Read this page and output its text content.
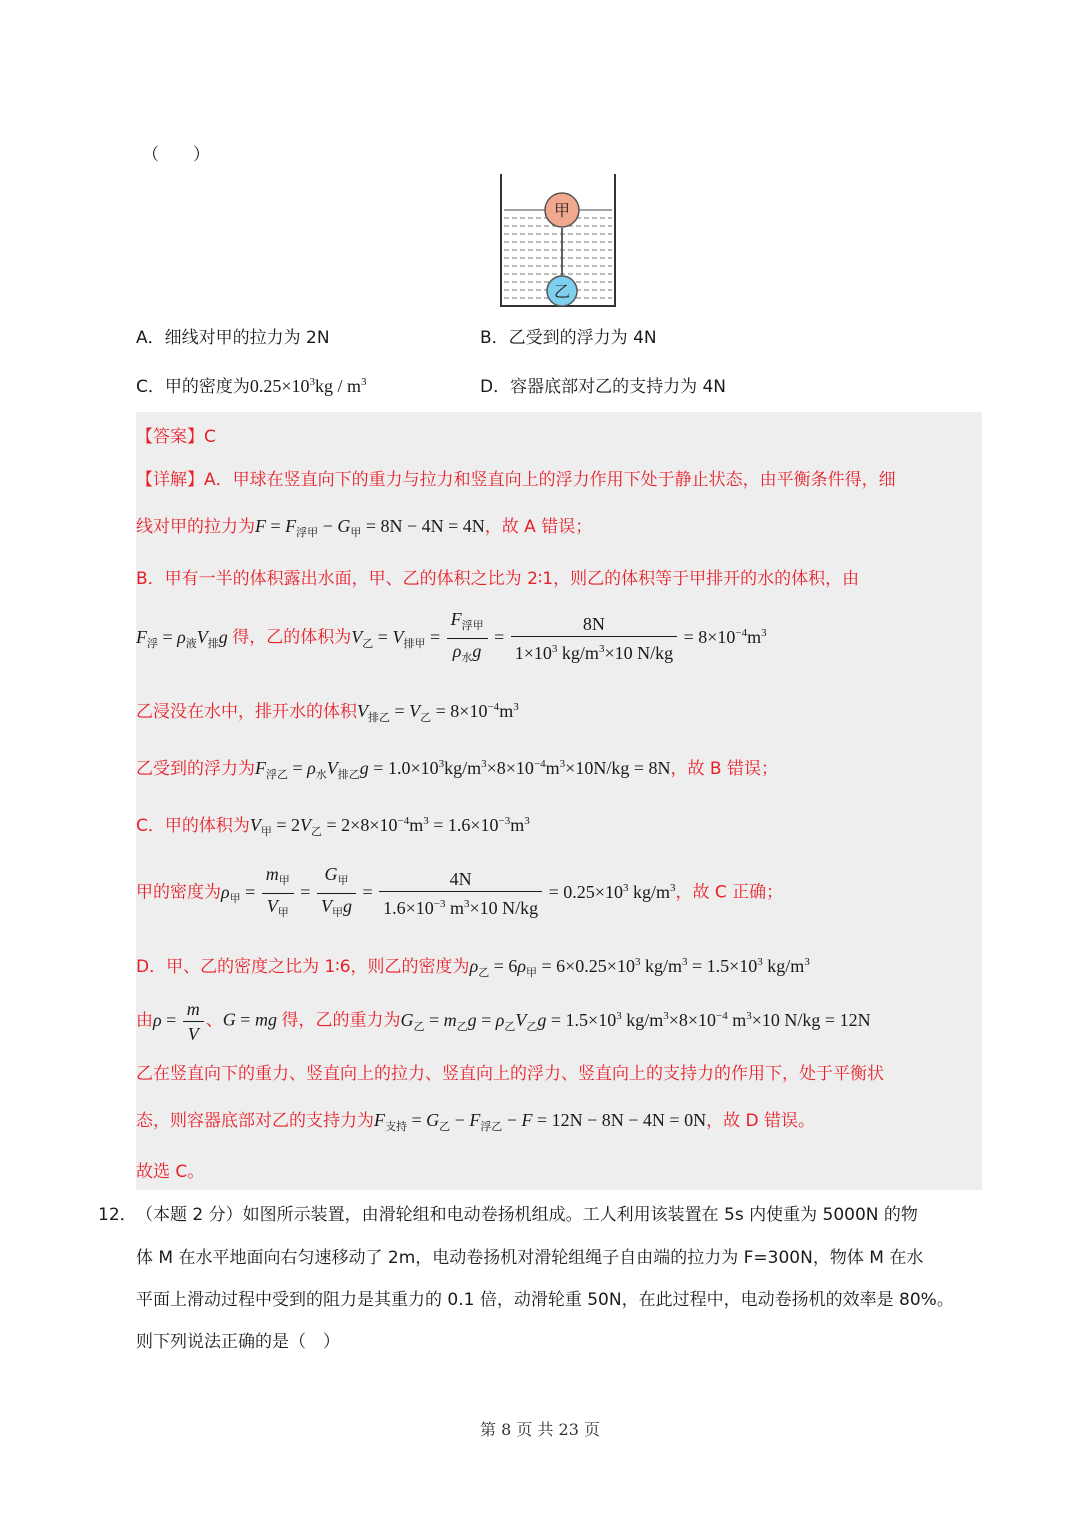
（　　）
甲
乙
A．细线对甲的拉力为 2N	B．乙受到的浮力为 4N
C．甲的密度为$0.25\times 10^3kg / m^3$	D．容器底部对乙的支持力为 4N
【答案】C
【详解】A．甲球在竖直向下的重力与拉力和竖直向上的浮力作用下处于静止状态，由平衡条件得，细
线对甲的拉力为$F = F_{浮甲} - G_甲 = 8N - 4N = 4N$，故 A 错误；
B．甲有一半的体积露出水面，甲、乙的体积之比为 2∶1，则乙的体积等于甲排开的水的体积，由
$F_浮 = \rho_液V_排g$ 得，乙的体积为$V_乙 = V_{排甲} = \frac{F_{浮甲}}{\rho_水g} = \frac{8N}{1\times 10^3 kg/m^3\times 10 N/kg} = 8\times 10^{-4}m^3$
乙浸没在水中，排开水的体积$V_{排乙} = V_乙 = 8\times 10^{-4}m^3$
乙受到的浮力为$F_{浮乙} = \rho_水V_{排乙}g = 1.0\times 10^3kg/m^3\times 8\times 10^{-4}m^3\times 10N/kg = 8N$，故 B 错误；
C．甲的体积为$V_甲 = 2V_乙 = 2\times 8\times 10^{-4}m^3 = 1.6\times 10^{-3}m^3$
甲的密度为$\rho_甲 = \frac{m_甲}{V_甲} = \frac{G_甲}{V_甲g} = \frac{4N}{1.6\times 10^{-3} m^3\times 10 N/kg} = 0.25\times 10^3$ $kg/m^3$，故 C 正确；
D．甲、乙的密度之比为 1∶6，则乙的密度为$\rho_乙 = 6\rho_甲 = 6\times 0.25\times 10^3$ $kg/m^3 = 1.5\times 10^3$ $kg/m^3$
由$\rho = \frac{m}{V}$ 、G = mg 得，乙的重力为$G_乙 = m_乙g = \rho_乙V_乙g = 1.5\times 10^3$ $kg/m^3\times 8\times 10^{-4}$ $m^3\times 10$ N/kg = 12N
乙在竖直向下的重力、竖直向上的拉力、竖直向上的浮力、竖直向上的支持力的作用下，处于平衡状
态，则容器底部对乙的支持力为$F_{支持} = G_乙 - F_{浮乙} - F = 12N - 8N - 4N = 0N$，故 D 错误。
故选 C。
12． （本题 2 分）如图所示装置，由滑轮组和电动卷扬机组成。工人利用该装置在 5s 内使重为 5000N 的物
体 M 在水平地面向右匀速移动了 2m，电动卷扬机对滑轮组绳子自由端的拉力为 F=300N，物体 M 在水
平面上滑动过程中受到的阻力是其重力的 0.1 倍，动滑轮重 50N，在此过程中，电动卷扬机的效率是 80%。
则下列说法正确的是（　）
第 8 页 共 23 页
